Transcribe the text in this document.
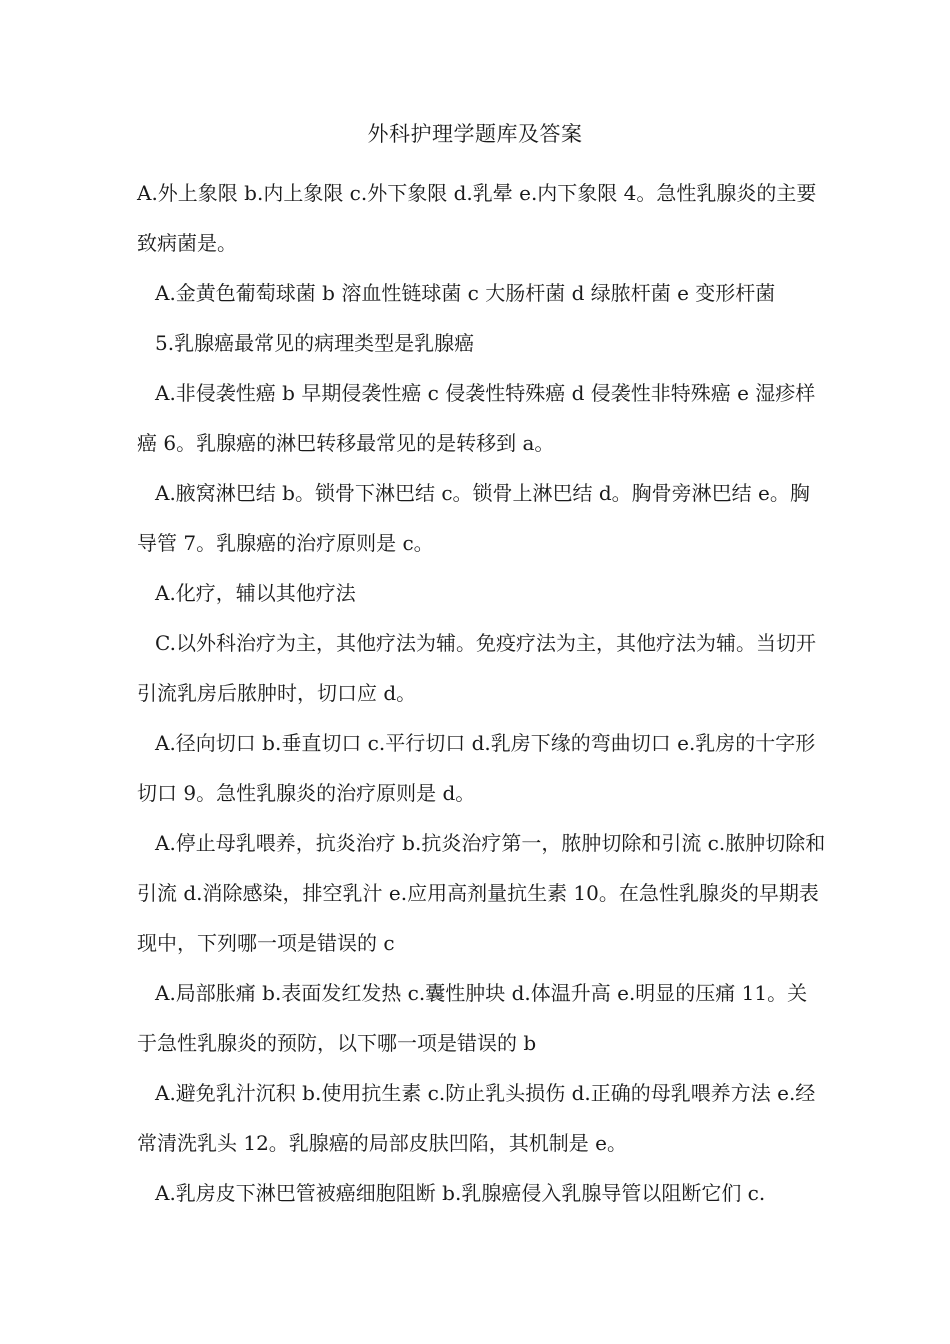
外科护理学题库及答案

A.外上象限 b.内上象限 c.外下象限 d.乳晕 e.内下象限 4。急性乳腺炎的主要致病菌是。

A.金黄色葡萄球菌 b 溶血性链球菌 c 大肠杆菌 d 绿脓杆菌 e 变形杆菌

5.乳腺癌最常见的病理类型是乳腺癌

A.非侵袭性癌 b 早期侵袭性癌 c 侵袭性特殊癌 d 侵袭性非特殊癌 e 湿疹样癌 6。乳腺癌的淋巴转移最常见的是转移到 a。

A.腋窝淋巴结 b。锁骨下淋巴结 c。锁骨上淋巴结 d。胸骨旁淋巴结 e。胸导管 7。乳腺癌的治疗原则是 c。

A.化疗，辅以其他疗法

C.以外科治疗为主，其他疗法为辅。免疫疗法为主，其他疗法为辅。当切开引流乳房后脓肿时，切口应 d。

A.径向切口 b.垂直切口 c.平行切口 d.乳房下缘的弯曲切口 e.乳房的十字形切口 9。急性乳腺炎的治疗原则是 d。

A.停止母乳喂养，抗炎治疗 b.抗炎治疗第一，脓肿切除和引流 c.脓肿切除和引流 d.消除感染，排空乳汁 e.应用高剂量抗生素 10。在急性乳腺炎的早期表现中，下列哪一项是错误的 c

A.局部胀痛 b.表面发红发热 c.囊性肿块 d.体温升高 e.明显的压痛 11。关于急性乳腺炎的预防，以下哪一项是错误的 b

A.避免乳汁沉积 b.使用抗生素 c.防止乳头损伤 d.正确的母乳喂养方法 e.经常清洗乳头 12。乳腺癌的局部皮肤凹陷，其机制是 e。

A.乳房皮下淋巴管被癌细胞阻断 b.乳腺癌侵入乳腺导管以阻断它们 c.
